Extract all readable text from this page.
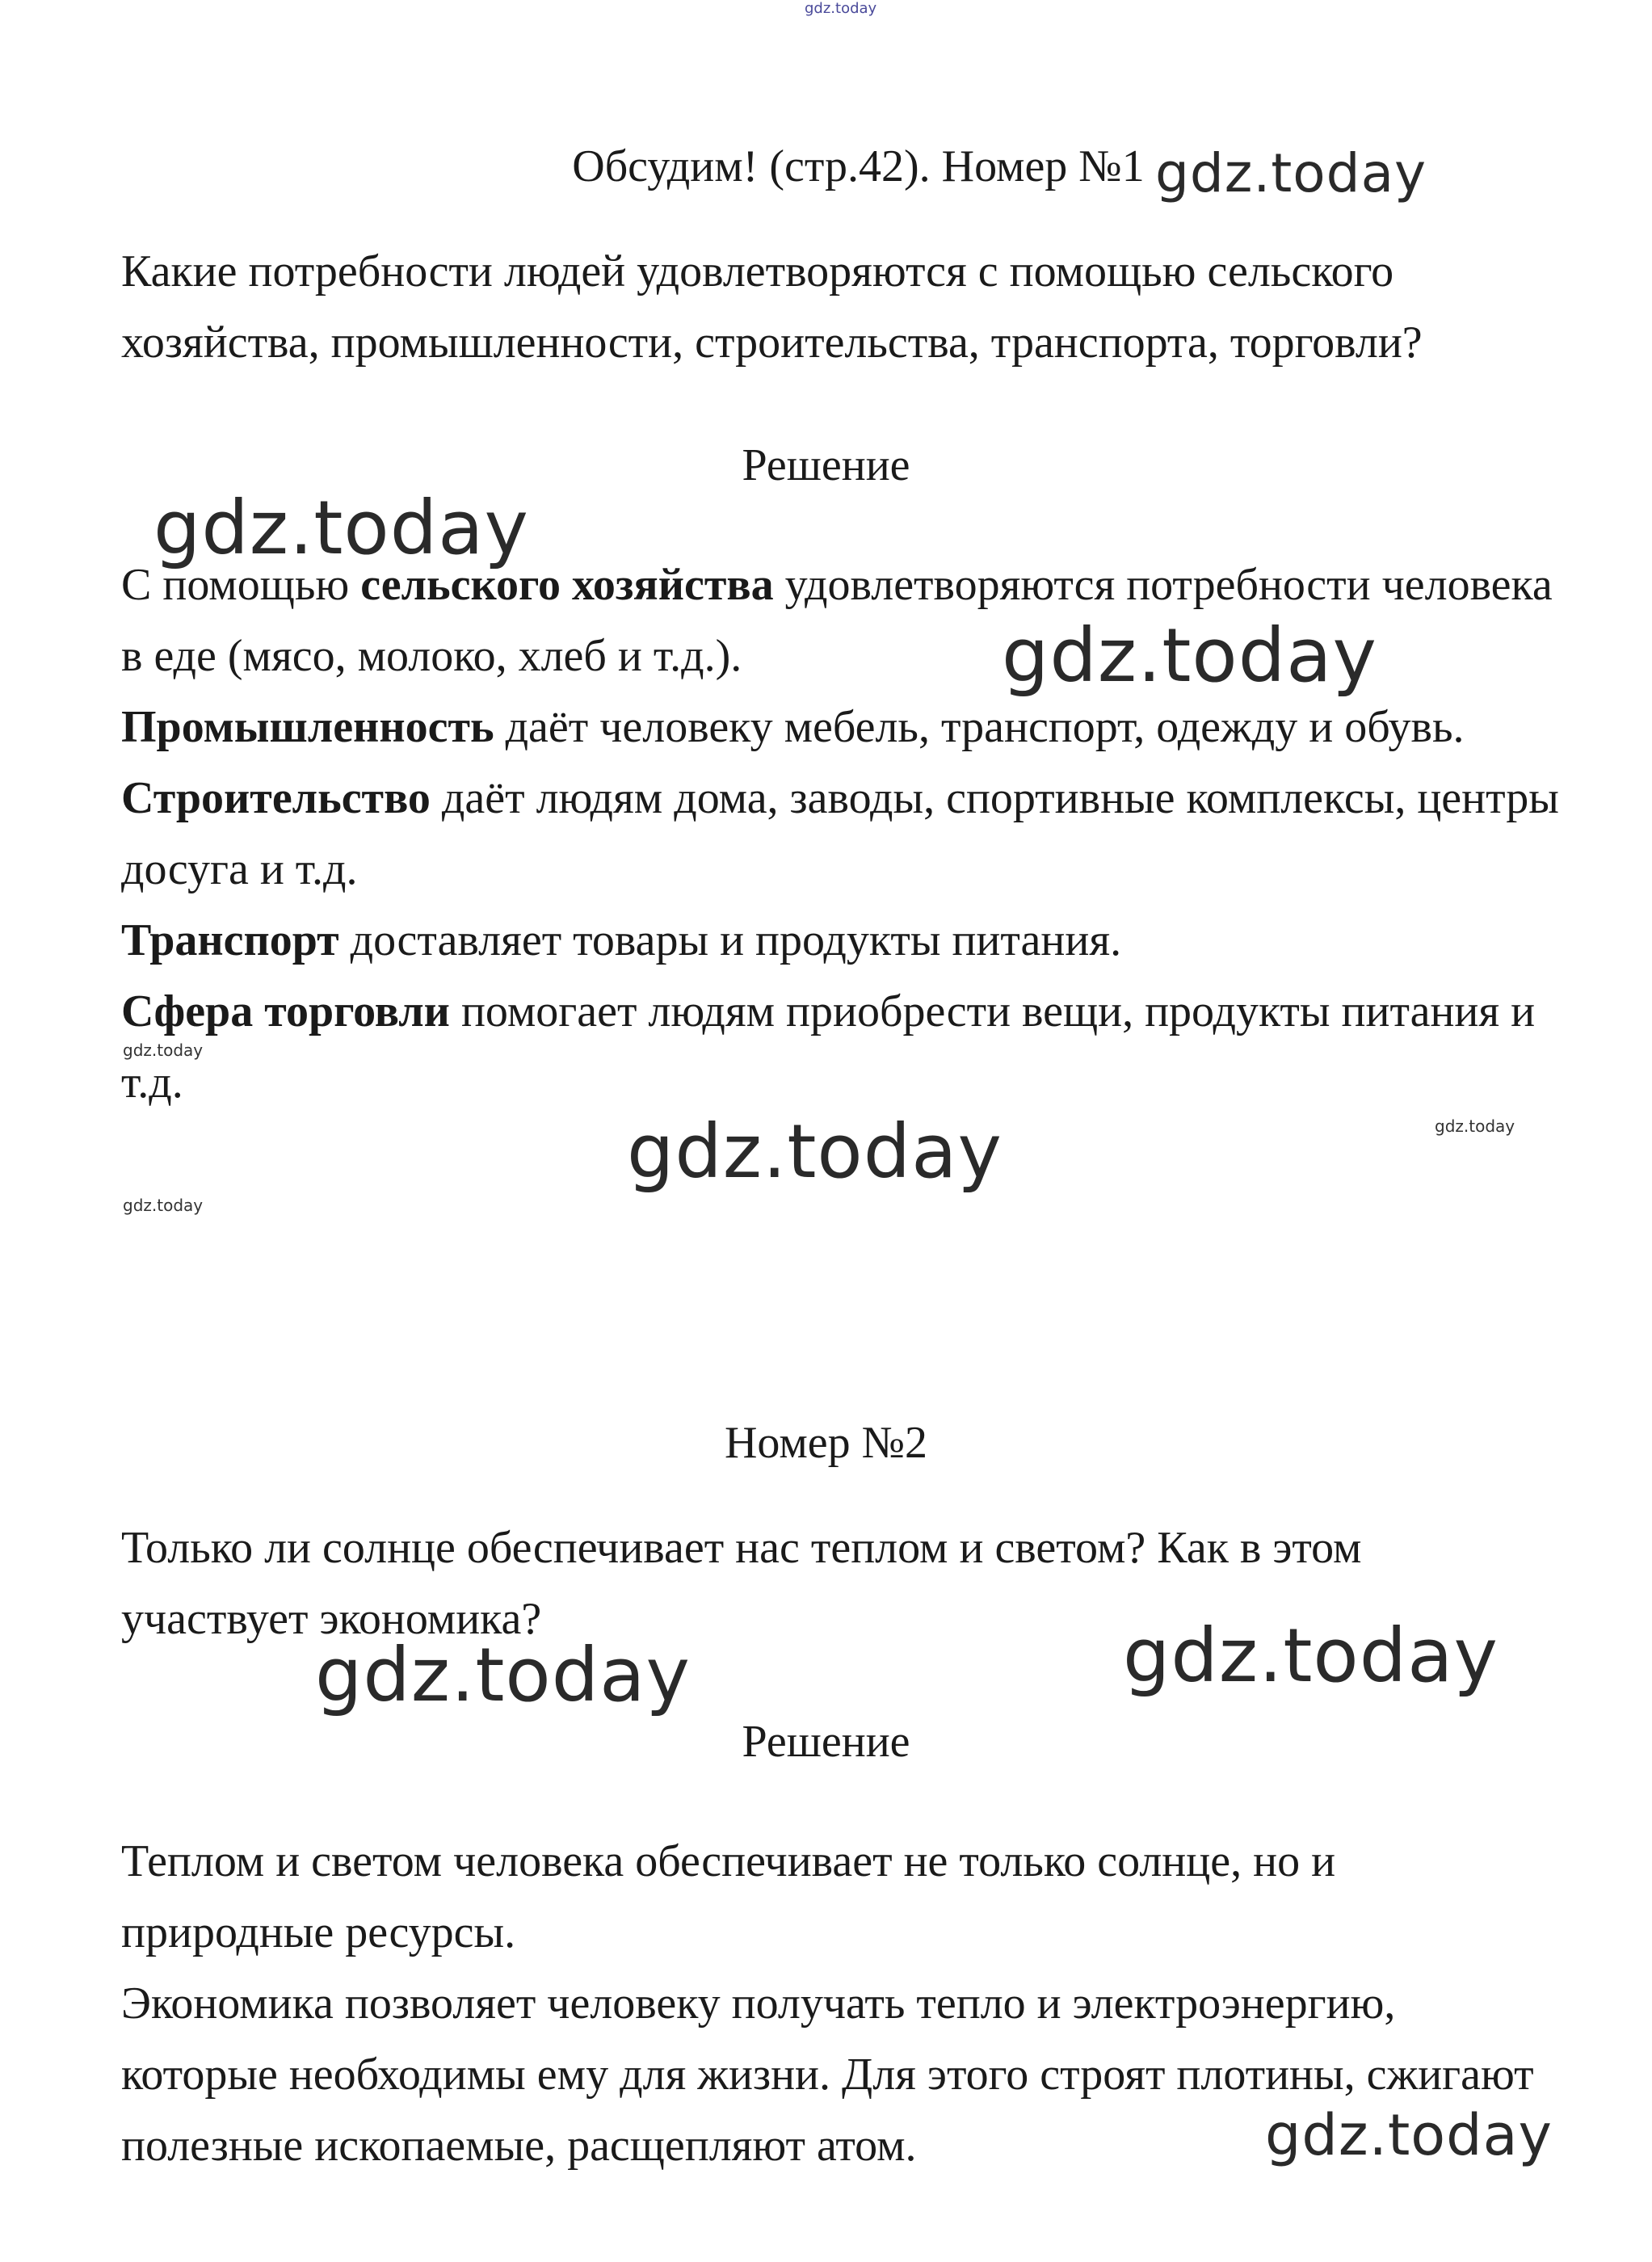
gdz.today
Обсудим! (стр.42). Номер №1
Какие потребности людей удовлетворяются с помощью сельского хозяйства, промышленности, строительства, транспорта, торговли?
Решение
С помощью сельского хозяйства удовлетворяются потребности человека в еде (мясо, молоко, хлеб и т.д.).
Промышленность даёт человеку мебель, транспорт, одежду и обувь.
Строительство даёт людям дома, заводы, спортивные комплексы, центры досуга и т.д.
Транспорт доставляет товары и продукты питания.
Сфера торговли помогает людям приобрести вещи, продукты питания и т.д.
Номер №2
Только ли солнце обеспечивает нас теплом и светом? Как в этом участвует экономика?
Решение
Теплом и светом человека обеспечивает не только солнце, но и природные ресурсы.
Экономика позволяет человеку получать тепло и электроэнергию, которые необходимы ему для жизни. Для этого строят плотины, сжигают полезные ископаемые, расщепляют атом.
gdz.today
gdz.today
gdz.today
gdz.today
gdz.today	gdz.today
gdz.today
gdz.today
gdz.today
gdz.today
